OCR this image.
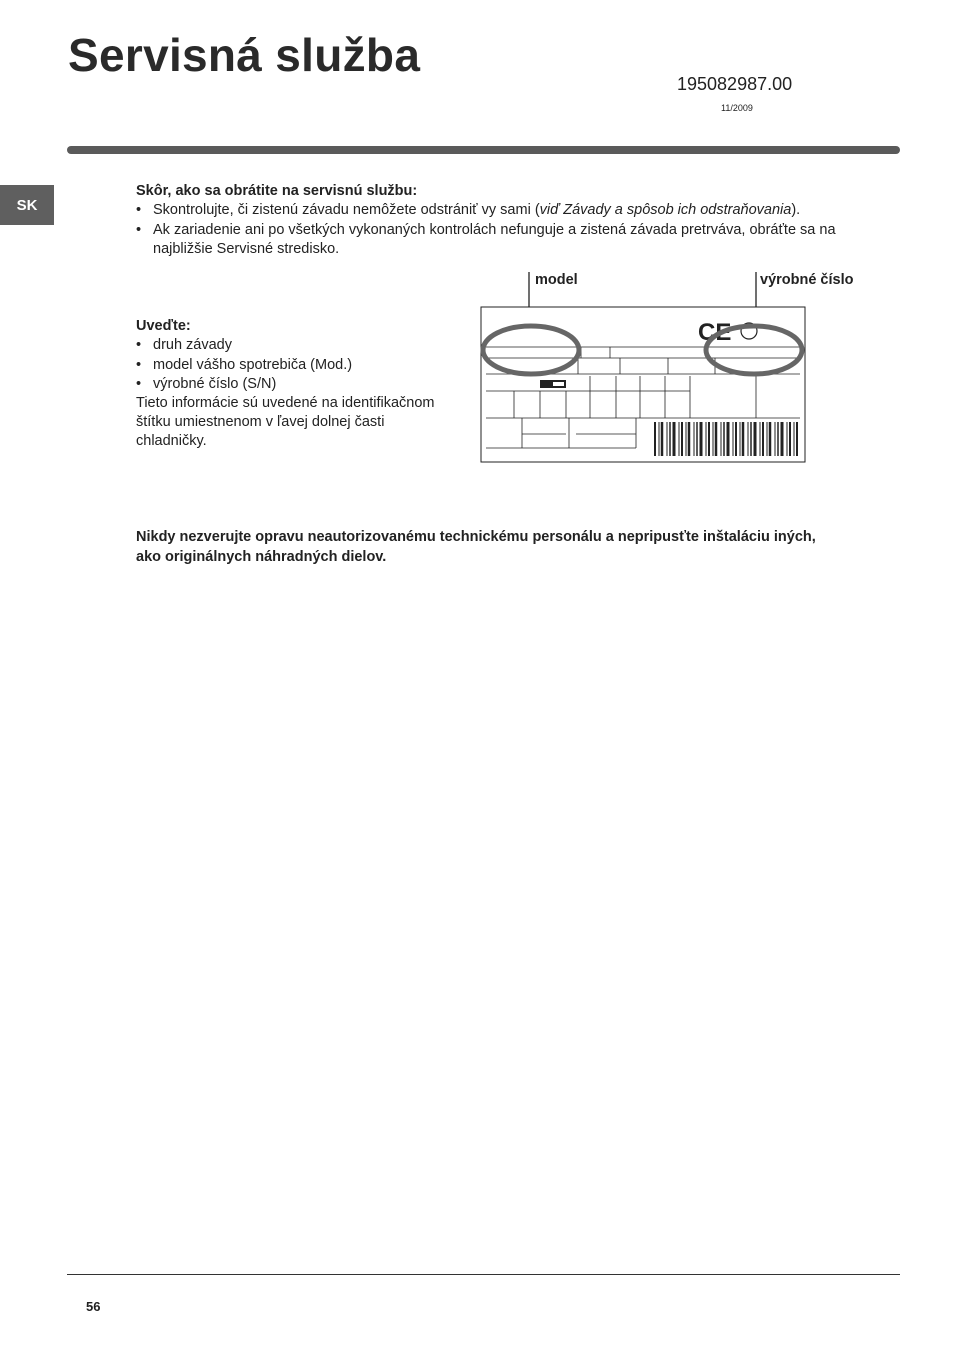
Servisná služba
195082987.00
11/2009
SK
Skôr, ako sa obrátite na servisnú službu:
• Skontrolujte, či zistenú závadu nemôžete odstrániť vy sami (viď Závady a spôsob ich odstraňovania).
• Ak zariadenie ani po všetkých vykonaných kontrolách nefunguje a zistená závada pretrváva, obráťte sa na
najbližšie Servisné stredisko.
Uveďte:
• druh závady
• model vášho spotrebiča (Mod.)
• výrobné číslo (S/N)
Tieto informácie sú uvedené na identifikačnom
štítku umiestnenom v ľavej dolnej časti
chladničky.
model	výrobné číslo
CE
Nikdy nezverujte opravu neautorizovanému technickému personálu a nepripusťte inštaláciu iných,
ako originálnych náhradných dielov.
56
